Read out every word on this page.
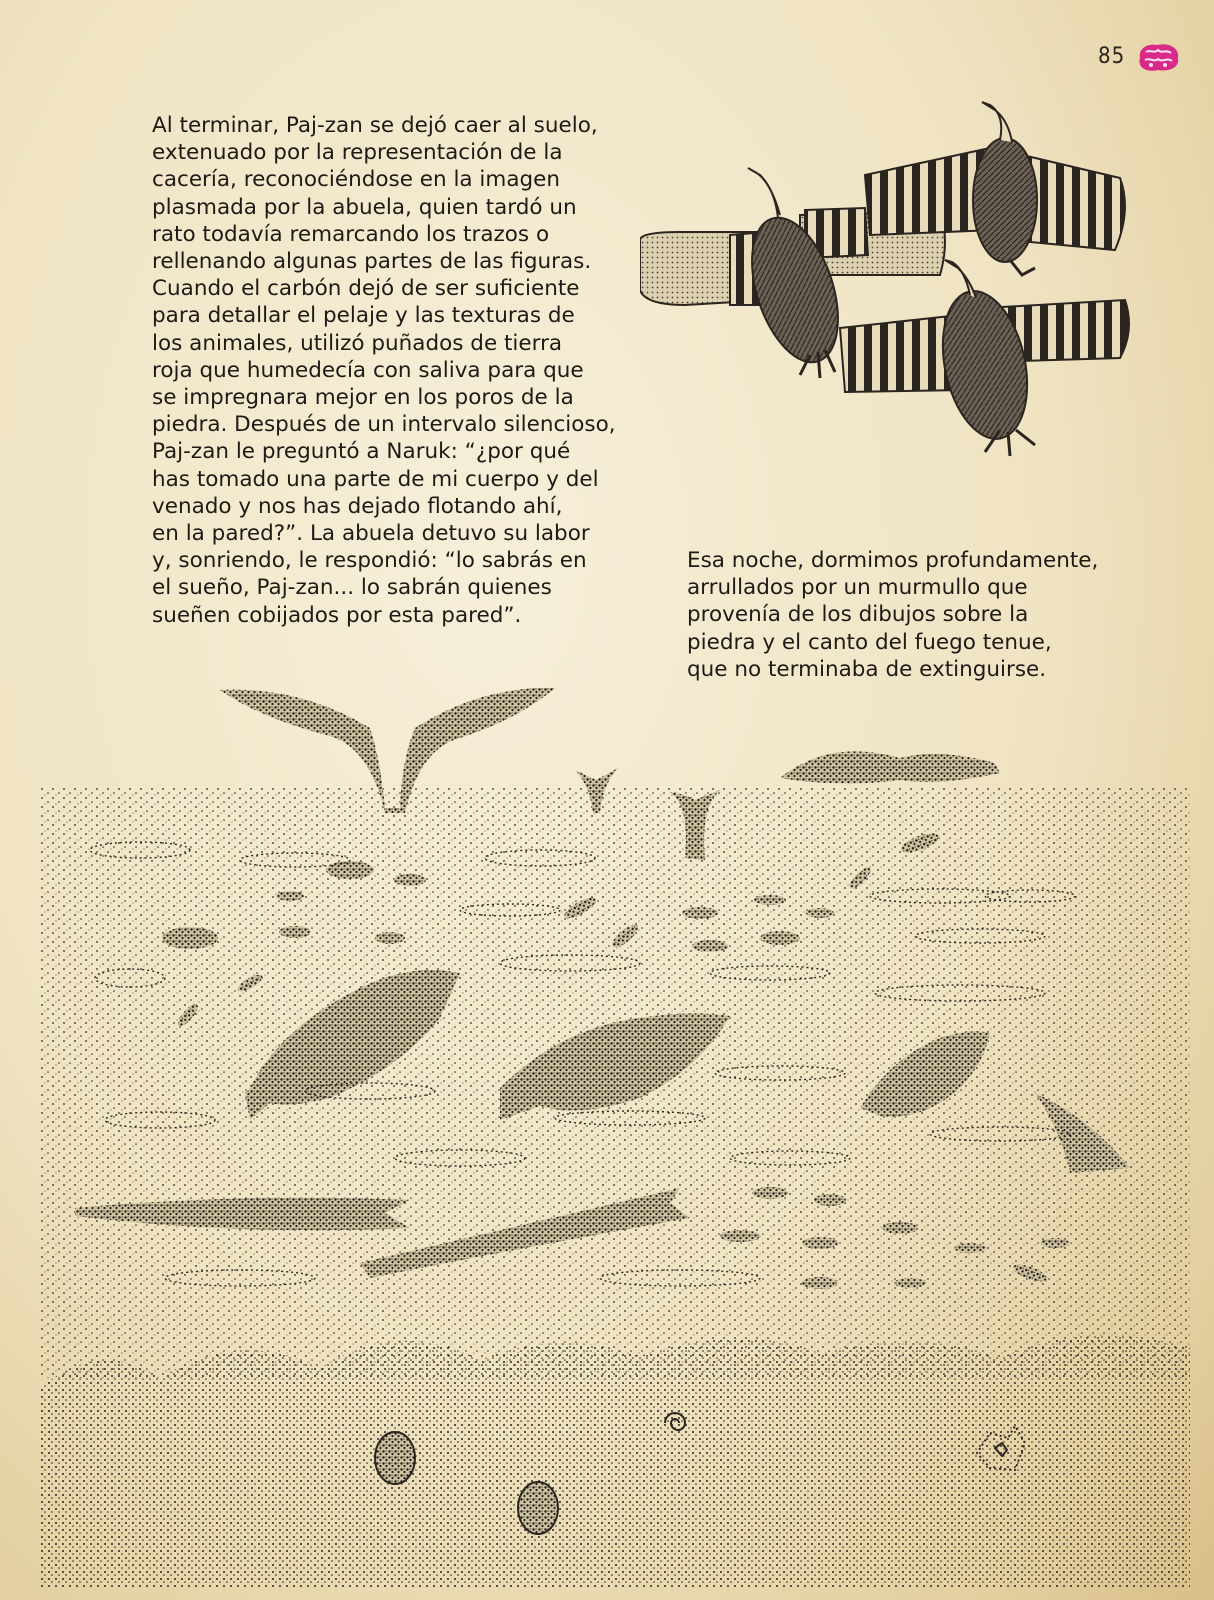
85
Al terminar, Paj-zan se dejó caer al suelo,
extenuado por la representación de la
cacería, reconociéndose en la imagen
plasmada por la abuela, quien tardó un
rato todavía remarcando los trazos o
rellenando algunas partes de las figuras.
Cuando el carbón dejó de ser suficiente
para detallar el pelaje y las texturas de
los animales, utilizó puñados de tierra
roja que humedecía con saliva para que
se impregnara mejor en los poros de la
piedra. Después de un intervalo silencioso,
Paj-zan le preguntó a Naruk: “¿por qué
has tomado una parte de mi cuerpo y del
venado y nos has dejado flotando ahí,
en la pared?”. La abuela detuvo su labor
y, sonriendo, le respondió: “lo sabrás en
el sueño, Paj-zan... lo sabrán quienes
sueñen cobijados por esta pared”.
Esa noche, dormimos profundamente,
arrullados por un murmullo que
provenía de los dibujos sobre la
piedra y el canto del fuego tenue,
que no terminaba de extinguirse.
